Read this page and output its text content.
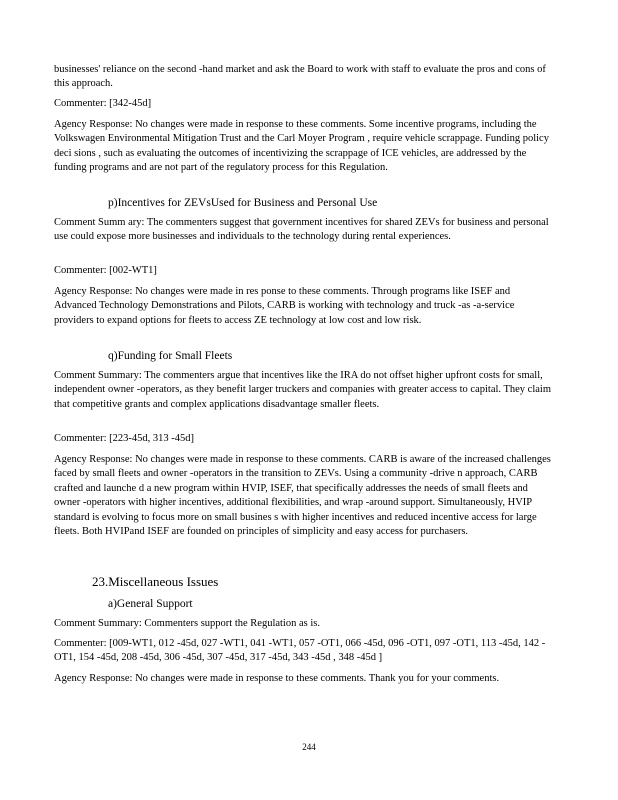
businesses' reliance on the second -hand market and ask the Board to work with staff to evaluate the pros and cons of this approach.

Commenter: [342-45d]

Agency Response: No changes were made in response to these comments. Some incentive programs, including the Volkswagen Environmental Mitigation Trust and the Carl Moyer Program , require vehicle scrappage. Funding policy deci sions , such as evaluating the outcomes of incentivizing the scrappage of ICE vehicles, are addressed by the funding programs and are not part of the regulatory process for this Regulation.

p)Incentives for ZEVsUsed for Business and Personal Use

Comment Summ ary: The commenters suggest that government incentives for shared ZEVs for business and personal use could expose more businesses and individuals to the technology during rental experiences.

Commenter: [002-WT1]

Agency Response: No changes were made in res ponse to these comments. Through programs like ISEF and Advanced Technology Demonstrations and Pilots, CARB is working with technology and truck -as -a-service providers to expand options for fleets to access ZE technology at low cost and low risk.

q)Funding for Small Fleets

Comment Summary: The commenters argue that incentives like the IRA do not offset higher upfront costs for small, independent owner -operators, as they benefit larger truckers and companies with greater access to capital. They claim that competitive grants and complex applications disadvantage smaller fleets.

Commenter: [223-45d, 313 -45d]

Agency Response: No changes were made in response to these comments. CARB is aware of the increased challenges faced by small fleets and owner -operators in the transition to ZEVs. Using a community -drive n approach, CARB crafted and launche d a new program within HVIP, ISEF, that specifically addresses the needs of small fleets and owner -operators with higher incentives, additional flexibilities, and wrap -around support. Simultaneously, HVIP standard is evolving to focus more on small busines s with higher incentives and reduced incentive access for large fleets. Both HVIPand ISEF are founded on principles of simplicity and easy access for purchasers.

23.Miscellaneous Issues

a)General Support

Comment Summary: Commenters support the Regulation as is.

Commenter: [009-WT1, 012 -45d, 027 -WT1, 041 -WT1, 057 -OT1, 066 -45d, 096 -OT1, 097 -OT1, 113 -45d, 142 -OT1, 154 -45d, 208 -45d, 306 -45d, 307 -45d, 317 -45d, 343 -45d , 348 -45d ]

Agency Response: No changes were made in response to these comments. Thank you for your comments.

244
